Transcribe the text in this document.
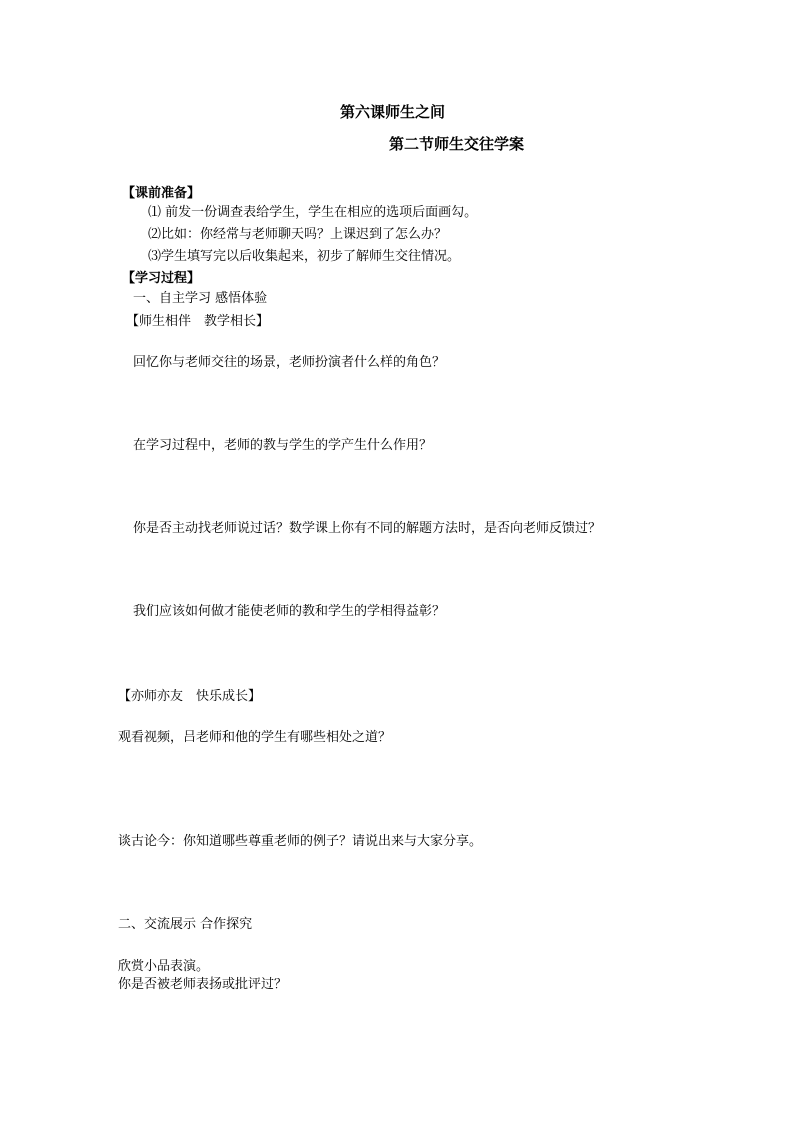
第六课师生之间
第二节师生交往学案
【课前准备】
⑴ 前发一份调查表给学生，学生在相应的选项后面画勾。
⑵比如：你经常与老师聊天吗？上课迟到了怎么办？
⑶学生填写完以后收集起来，初步了解师生交往情况。
【学习过程】
一、自主学习 感悟体验
【师生相伴　教学相长】
回忆你与老师交往的场景，老师扮演者什么样的角色？
在学习过程中，老师的教与学生的学产生什么作用？
你是否主动找老师说过话？数学课上你有不同的解题方法时，是否向老师反馈过？
我们应该如何做才能使老师的教和学生的学相得益彰？
【亦师亦友　快乐成长】
观看视频，吕老师和他的学生有哪些相处之道？
谈古论今：你知道哪些尊重老师的例子？请说出来与大家分享。
二、交流展示 合作探究
欣赏小品表演。
你是否被老师表扬或批评过？
